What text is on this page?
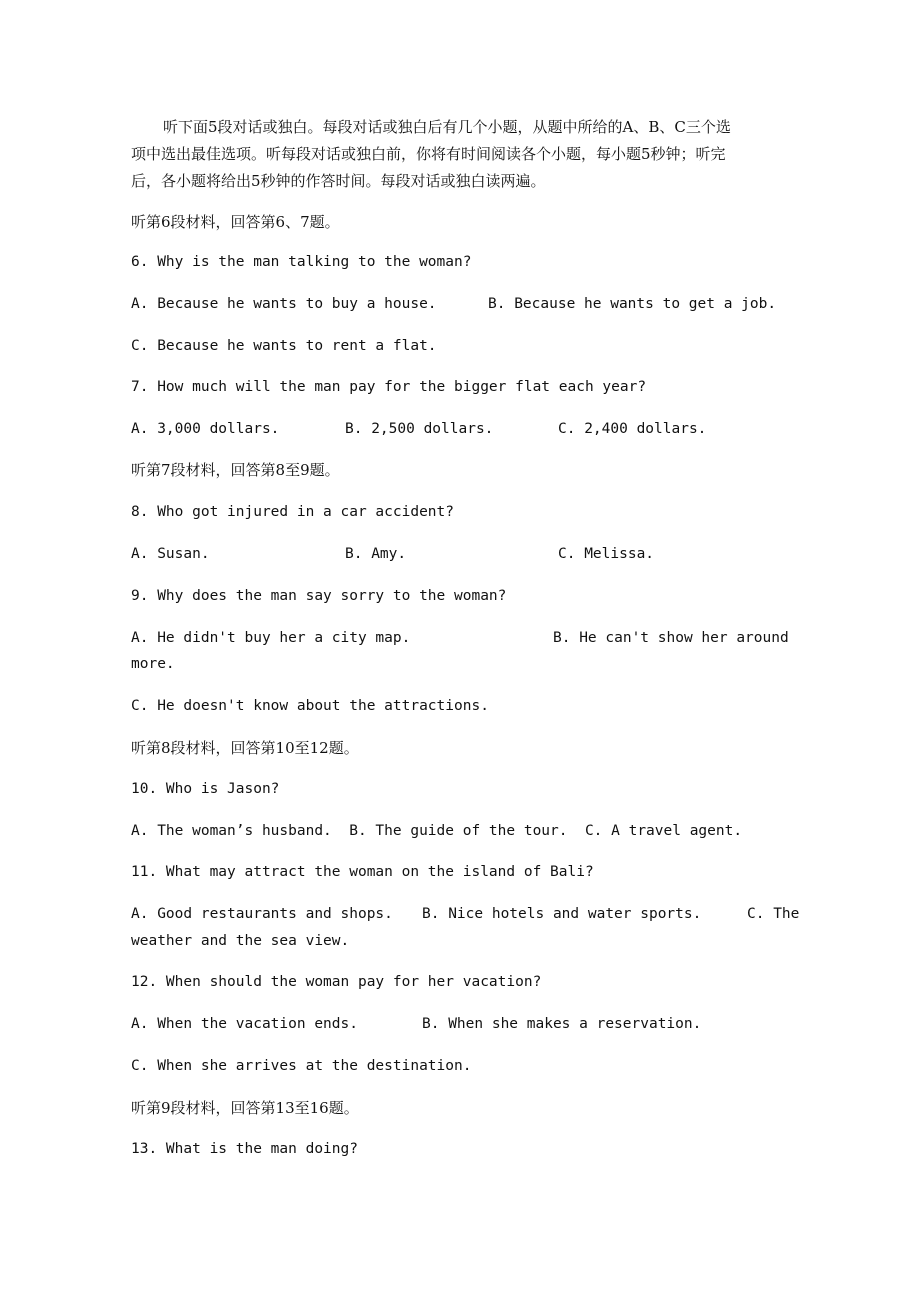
听下面5段对话或独白。每段对话或独白后有几个小题，从题中所给的A、B、C三个选
项中选出最佳选项。听每段对话或独白前，你将有时间阅读各个小题，每小题5秒钟；听完
后，各小题将给出5秒钟的作答时间。每段对话或独白读两遍。
听第6段材料，回答第6、7题。
6. Why is the man talking to the woman?
A. Because he wants to buy a house.	B. Because he wants to get a job.
C. Because he wants to rent a flat.
7. How much will the man pay for the bigger flat each year?
A. 3,000 dollars.	B. 2,500 dollars.	C. 2,400 dollars.
听第7段材料，回答第8至9题。
8. Who got injured in a car accident?
A. Susan.	B. Amy.	C. Melissa.
9. Why does the man say sorry to the woman?
A. He didn't buy her a city map.	B. He can't show her around
more.
C. He doesn't know about the attractions.
听第8段材料，回答第10至12题。
10. Who is Jason?
A. The woman’s husband.  B. The guide of the tour.  C. A travel agent.
11. What may attract the woman on the island of Bali?
A. Good restaurants and shops. B. Nice hotels and water sports.	C. The
weather and the sea view.
12. When should the woman pay for her vacation?
A. When the vacation ends.	B. When she makes a reservation.
C. When she arrives at the destination.
听第9段材料，回答第13至16题。
13. What is the man doing?
